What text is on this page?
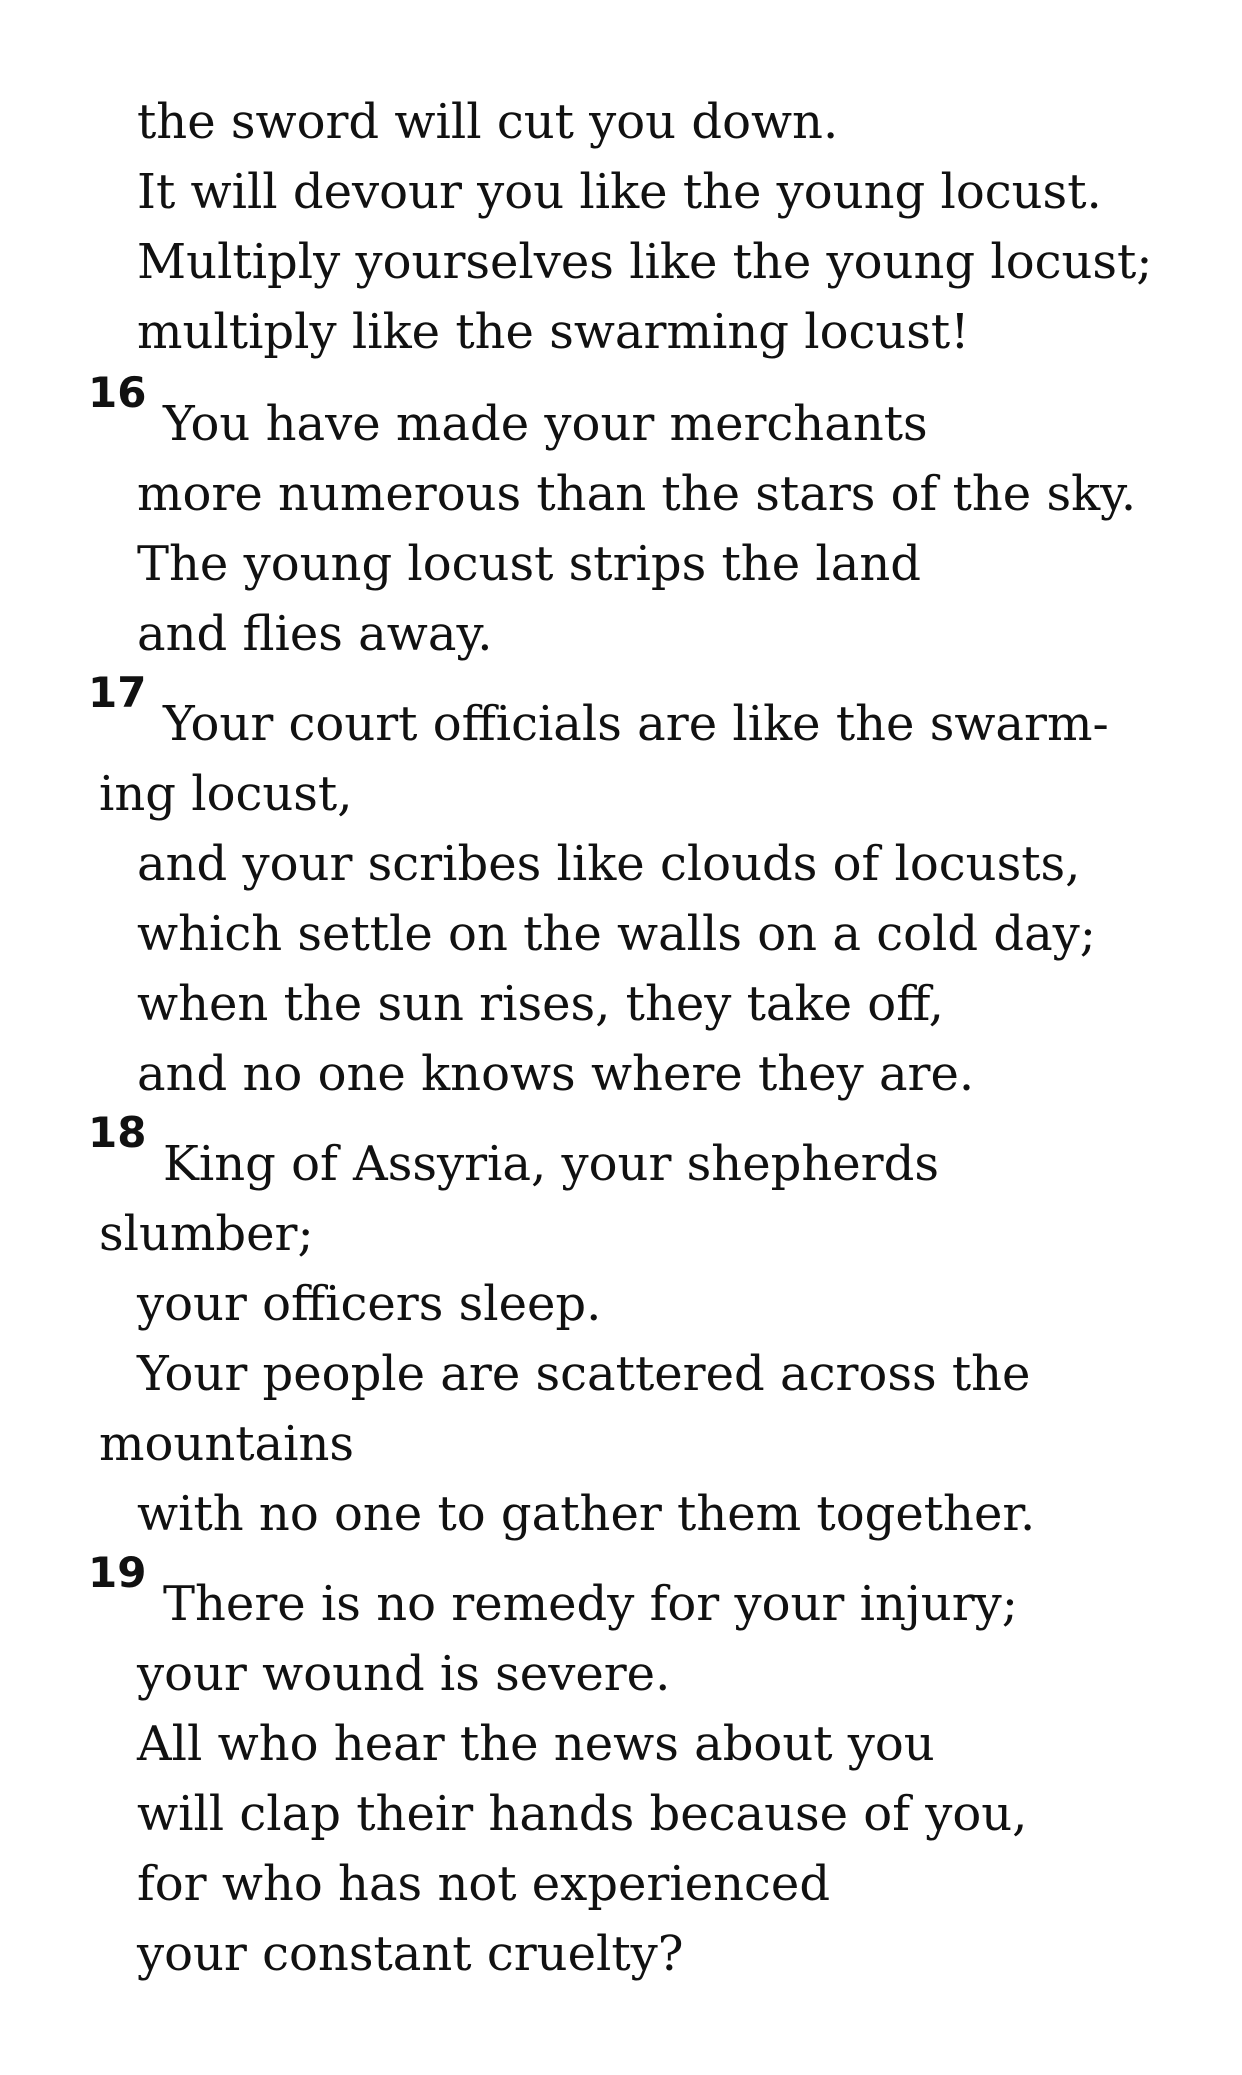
the sword will cut you down.
It will devour you like the young locust.
Multiply yourselves like the young locust;
multiply like the swarming locust!
16
You have made your merchants
more numerous than the stars of the sky.
The young locust strips the land
and flies away.
17
Your court officials are like the swarm-
ing locust,
and your scribes like clouds of locusts,
which settle on the walls on a cold day;
when the sun rises, they take off,
and no one knows where they are.
18
King of Assyria, your shepherds
slumber;
your officers sleep.
Your people are scattered across the
mountains
with no one to gather them together.
19
There is no remedy for your injury;
your wound is severe.
All who hear the news about you
will clap their hands because of you,
for who has not experienced
your constant cruelty?
